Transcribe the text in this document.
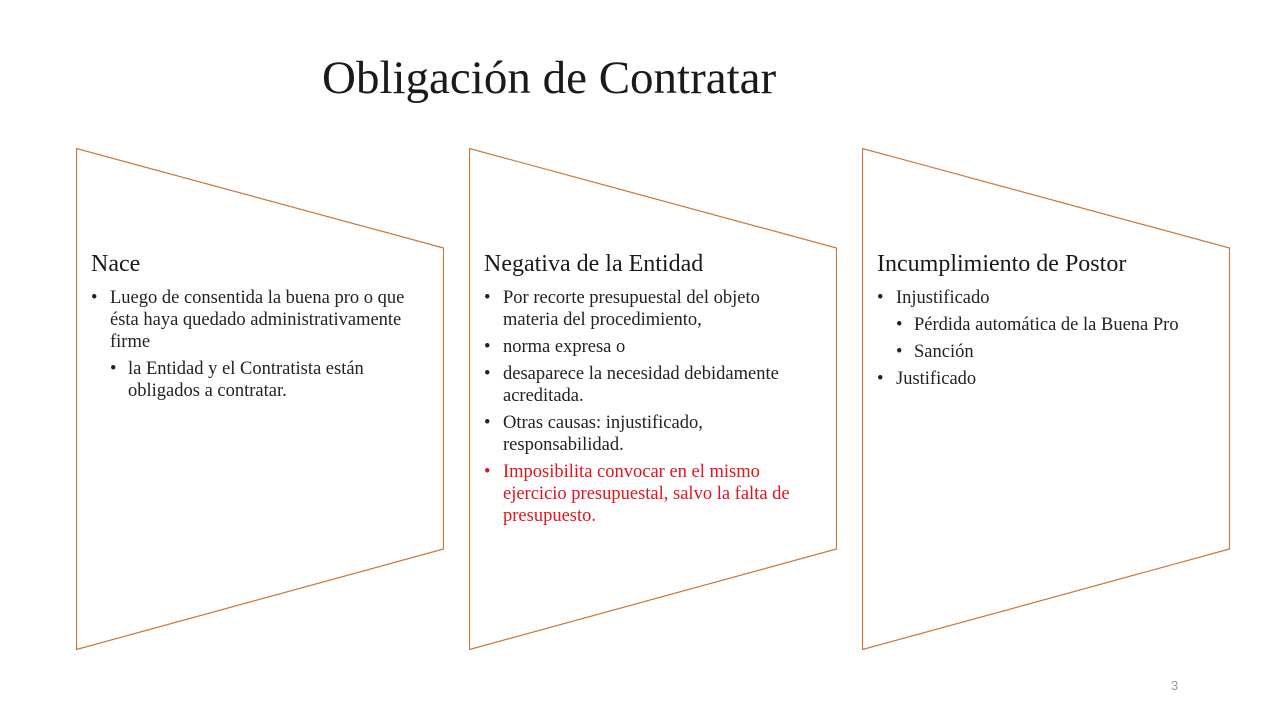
Obligación de Contratar
Nace
• Luego de consentida la buena pro o que ésta haya quedado administrativamente firme
• la Entidad y el Contratista están obligados a contratar.
Negativa de la Entidad
• Por recorte presupuestal del objeto materia del procedimiento,
• norma expresa o
• desaparece la necesidad debidamente acreditada.
• Otras causas: injustificado, responsabilidad.
• Imposibilita convocar en el mismo ejercicio presupuestal, salvo la falta de presupuesto.
Incumplimiento de Postor
• Injustificado
• Pérdida automática de la Buena Pro
• Sanción
• Justificado
3
